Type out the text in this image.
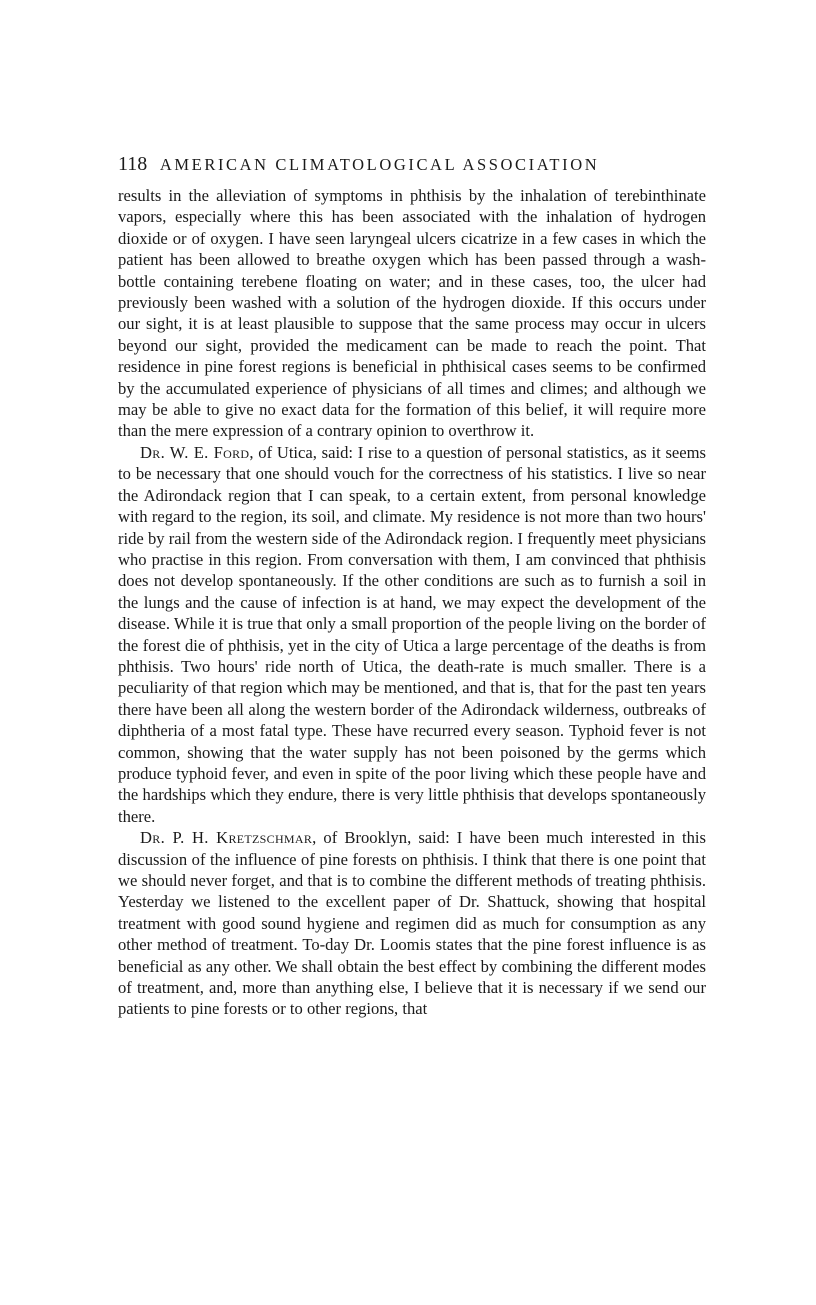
118 AMERICAN CLIMATOLOGICAL ASSOCIATION

results in the alleviation of symptoms in phthisis by the inhalation of terebinthinate vapors, especially where this has been associated with the inhalation of hydrogen dioxide or of oxygen. I have seen laryngeal ulcers cicatrize in a few cases in which the patient has been allowed to breathe oxygen which has been passed through a wash-bottle containing terebene floating on water; and in these cases, too, the ulcer had previously been washed with a solution of the hydrogen dioxide. If this occurs under our sight, it is at least plausible to suppose that the same process may occur in ulcers beyond our sight, provided the medicament can be made to reach the point. That residence in pine forest regions is beneficial in phthisical cases seems to be confirmed by the accumulated experience of physicians of all times and climes; and although we may be able to give no exact data for the formation of this belief, it will require more than the mere expression of a contrary opinion to overthrow it.

Dr. W. E. Ford, of Utica, said: I rise to a question of personal statistics, as it seems to be necessary that one should vouch for the correctness of his statistics. I live so near the Adirondack region that I can speak, to a certain extent, from personal knowledge with regard to the region, its soil, and climate. My residence is not more than two hours' ride by rail from the western side of the Adirondack region. I frequently meet physicians who practise in this region. From conversation with them, I am convinced that phthisis does not develop spontaneously. If the other conditions are such as to furnish a soil in the lungs and the cause of infection is at hand, we may expect the development of the disease. While it is true that only a small proportion of the people living on the border of the forest die of phthisis, yet in the city of Utica a large percentage of the deaths is from phthisis. Two hours' ride north of Utica, the death-rate is much smaller. There is a peculiarity of that region which may be mentioned, and that is, that for the past ten years there have been all along the western border of the Adirondack wilderness, outbreaks of diphtheria of a most fatal type. These have recurred every season. Typhoid fever is not common, showing that the water supply has not been poisoned by the germs which produce typhoid fever, and even in spite of the poor living which these people have and the hardships which they endure, there is very little phthisis that develops spontaneously there.

Dr. P. H. Kretzschmar, of Brooklyn, said: I have been much interested in this discussion of the influence of pine forests on phthisis. I think that there is one point that we should never forget, and that is to combine the different methods of treating phthisis. Yesterday we listened to the excellent paper of Dr. Shattuck, showing that hospital treatment with good sound hygiene and regimen did as much for consumption as any other method of treatment. To-day Dr. Loomis states that the pine forest influence is as beneficial as any other. We shall obtain the best effect by combining the different modes of treatment, and, more than anything else, I believe that it is necessary if we send our patients to pine forests or to other regions, that
